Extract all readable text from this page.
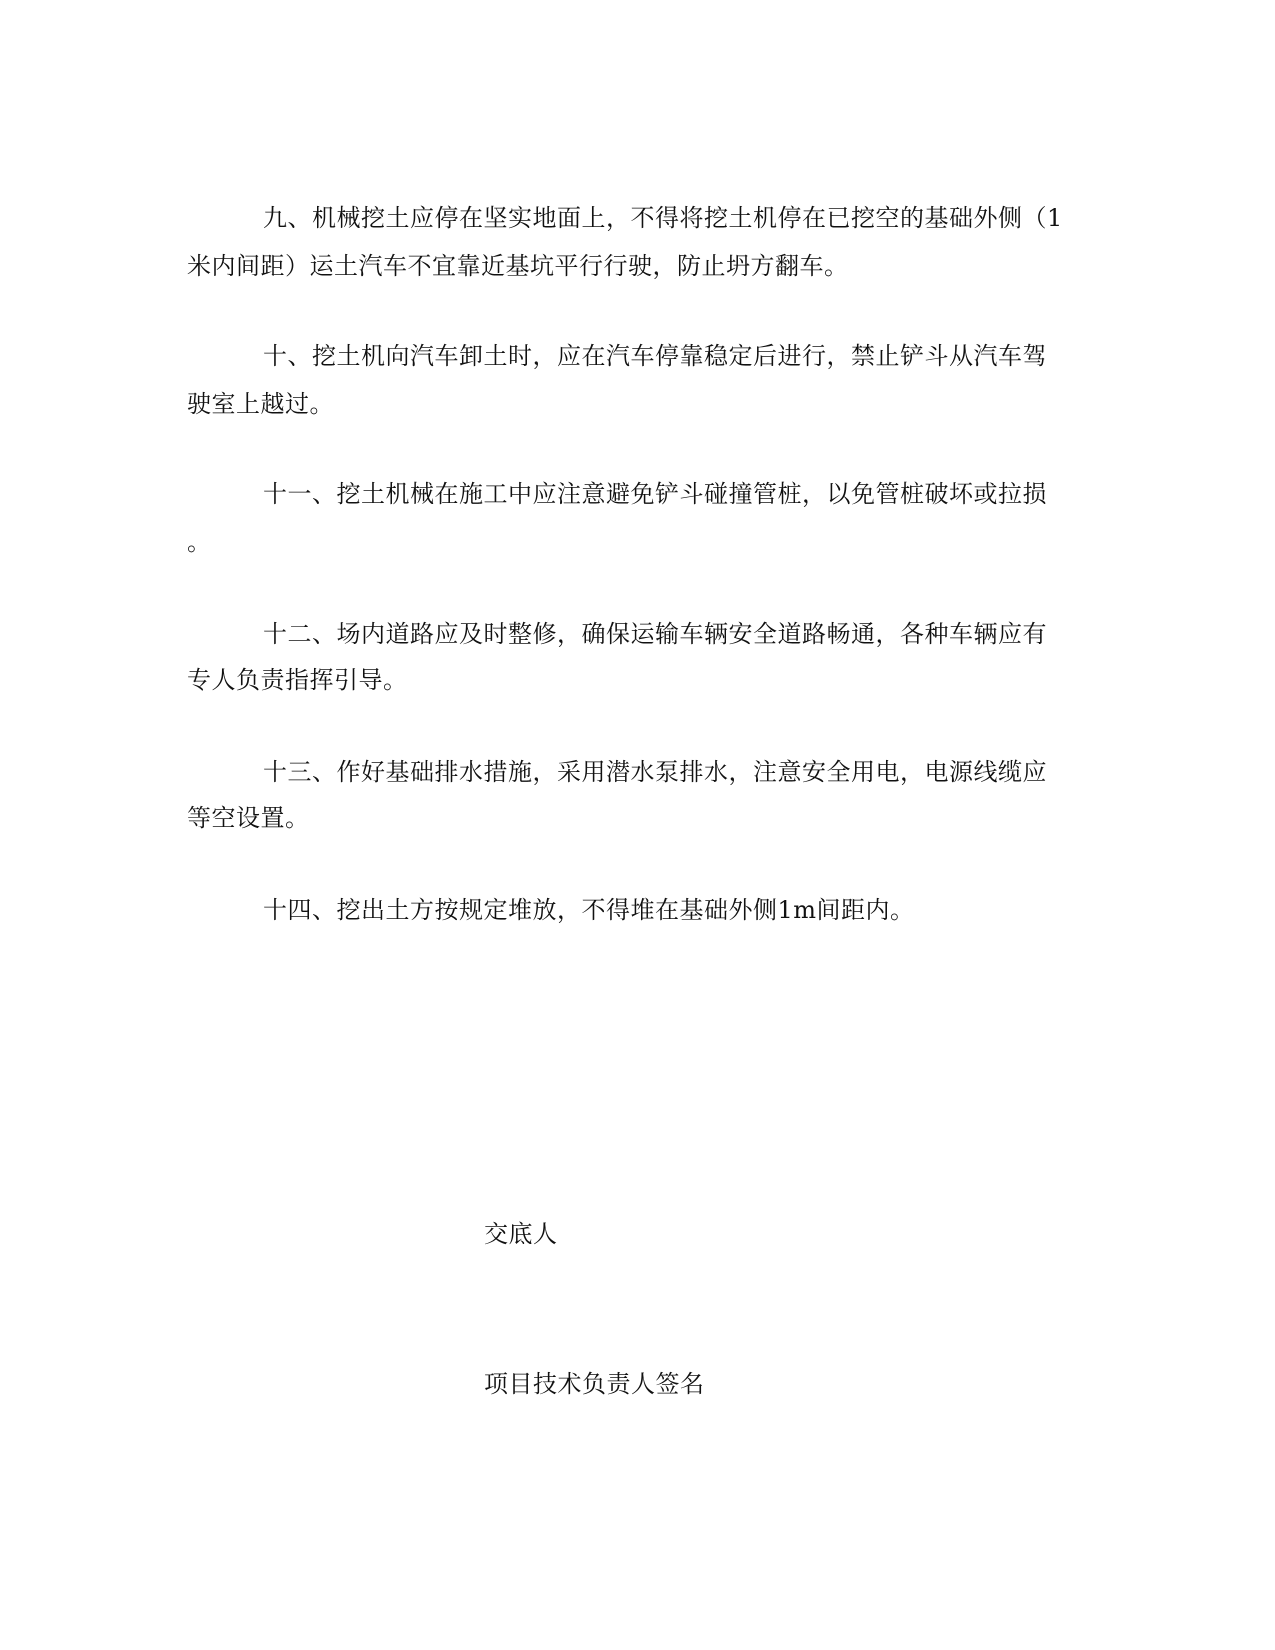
九、机械挖土应停在坚实地面上，不得将挖土机停在已挖空的基础外侧（1
米内间距）运土汽车不宜靠近基坑平行行驶，防止坍方翻车。
十、挖土机向汽车卸土时，应在汽车停靠稳定后进行，禁止铲斗从汽车驾
驶室上越过。
十一、挖土机械在施工中应注意避免铲斗碰撞管桩，以免管桩破坏或拉损
。
十二、场内道路应及时整修，确保运输车辆安全道路畅通，各种车辆应有
专人负责指挥引导。
十三、作好基础排水措施，采用潜水泵排水，注意安全用电，电源线缆应
等空设置。
十四、挖出土方按规定堆放，不得堆在基础外侧1m间距内。
交底人
项目技术负责人签名
